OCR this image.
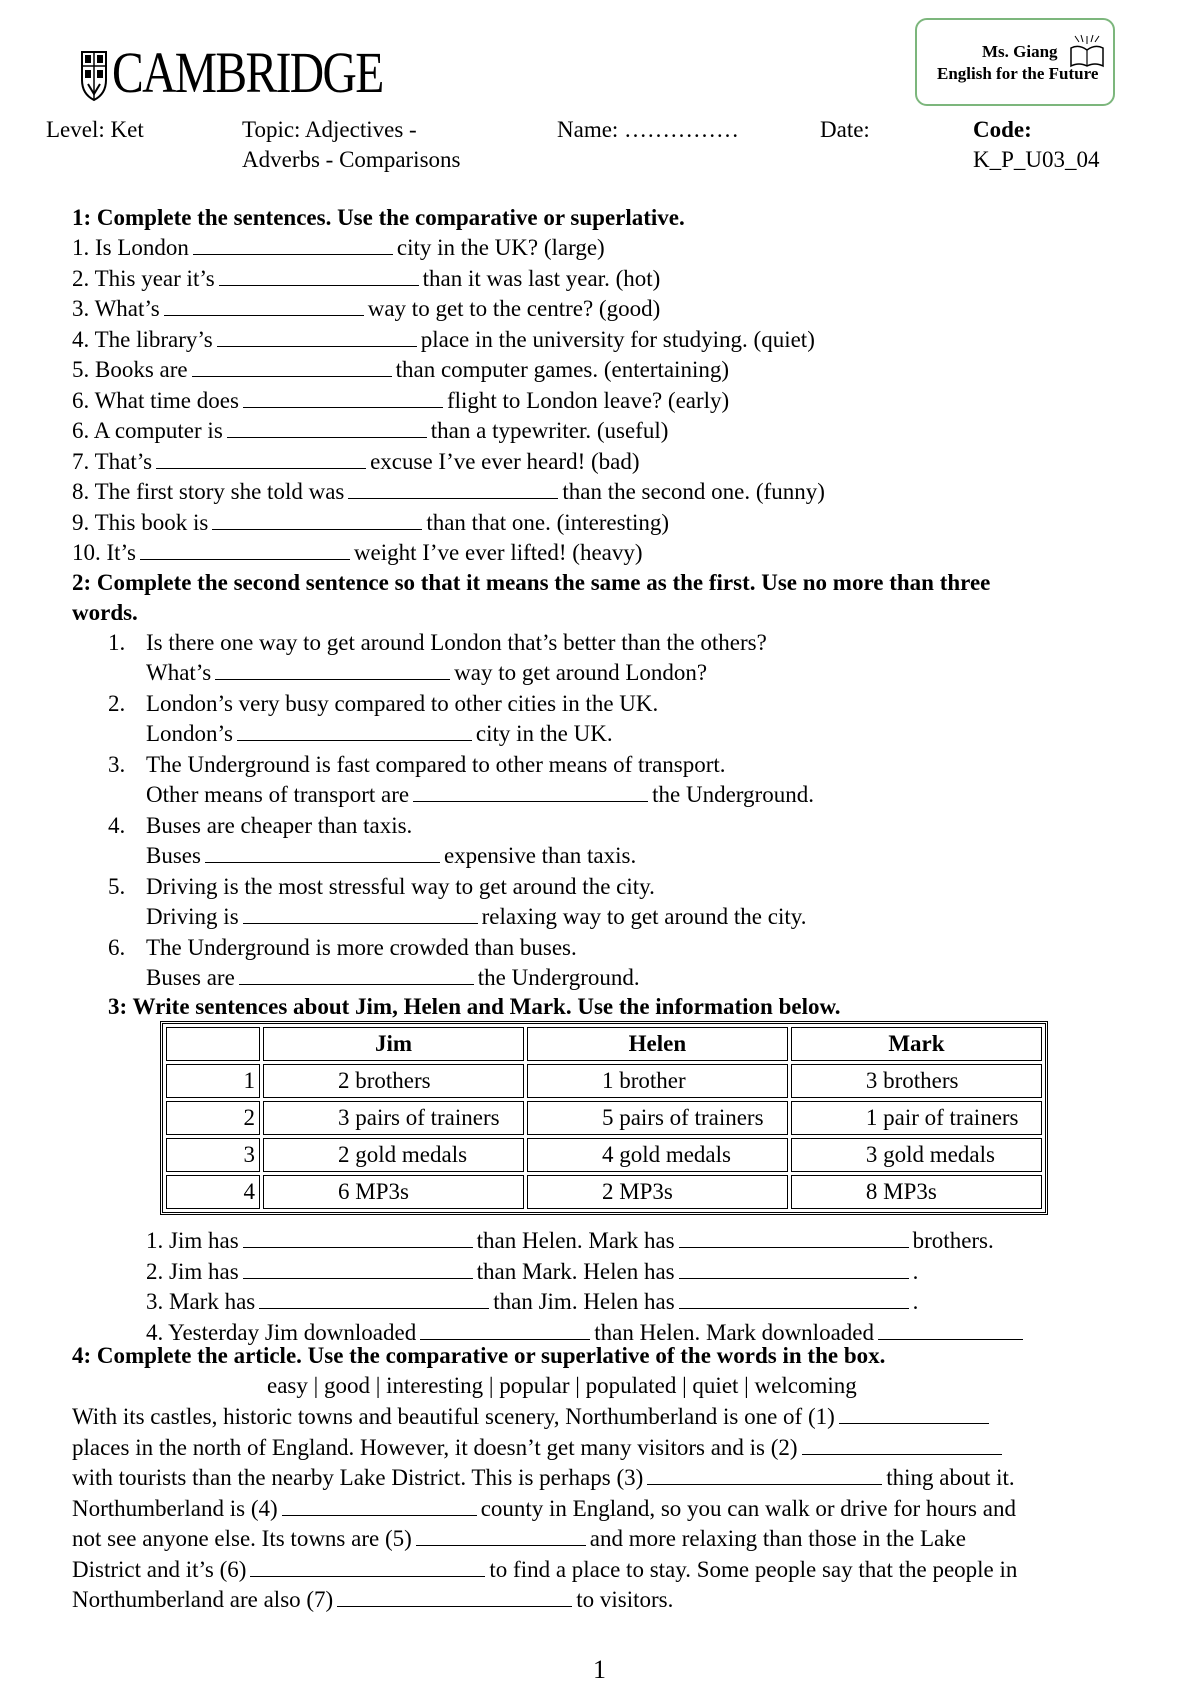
CAMBRIDGE	Ms. Giang
English for the Future
Level: Ket	Topic: Adjectives -
Adverbs - Comparisons
Name: ……………	Date:	Code:
K_P_U03_04
1: Complete the sentences. Use the comparative or superlative.
1. Is London	city in the UK? (large)
2. This year it’s	than it was last year. (hot)
3. What’s	way to get to the centre? (good)
4. The library’s	place in the university for studying. (quiet)
5. Books are	than computer games. (entertaining)
6. What time does	flight to London leave? (early)
6. A computer is	than a typewriter. (useful)
7. That’s	excuse I’ve ever heard! (bad)
8. The first story she told was	than the second one. (funny)
9. This book is	than that one. (interesting)
10. It’s	weight I’ve ever lifted! (heavy)
2: Complete the second sentence so that it means the same as the first. Use no more than three
words.
1. Is there one way to get around London that’s better than the others?
What’s	way to get around London?
2. London’s very busy compared to other cities in the UK.
London’s	city in the UK.
3. The Underground is fast compared to other means of transport.
Other means of transport are	the Underground.
4. Buses are cheaper than taxis.
Buses	expensive than taxis.
5. Driving is the most stressful way to get around the city.
Driving is	relaxing way to get around the city.
6. The Underground is more crowded than buses.
Buses are	the Underground.
3: Write sentences about Jim, Helen and Mark. Use the information below.
	Jim	Helen	Mark
1	2 brothers	1 brother	3 brothers
2	3 pairs of trainers	5 pairs of trainers	1 pair of trainers
3	2 gold medals	4 gold medals	3 gold medals
4	6 MP3s	2 MP3s	8 MP3s
1. Jim has	than Helen. Mark has	brothers.
2. Jim has	than Mark. Helen has	.
3. Mark has	than Jim. Helen has	.
4. Yesterday Jim downloaded	than Helen. Mark downloaded
4: Complete the article. Use the comparative or superlative of the words in the box.
easy | good | interesting | popular | populated | quiet | welcoming
With its castles, historic towns and beautiful scenery, Northumberland is one of (1)
places in the north of England. However, it doesn’t get many visitors and is (2)
with tourists than the nearby Lake District. This is perhaps (3)	thing about it.
Northumberland is (4)	county in England, so you can walk or drive for hours and
not see anyone else. Its towns are (5)	and more relaxing than those in the Lake
District and it’s (6)	to find a place to stay. Some people say that the people in
Northumberland are also (7)	to visitors.
1
